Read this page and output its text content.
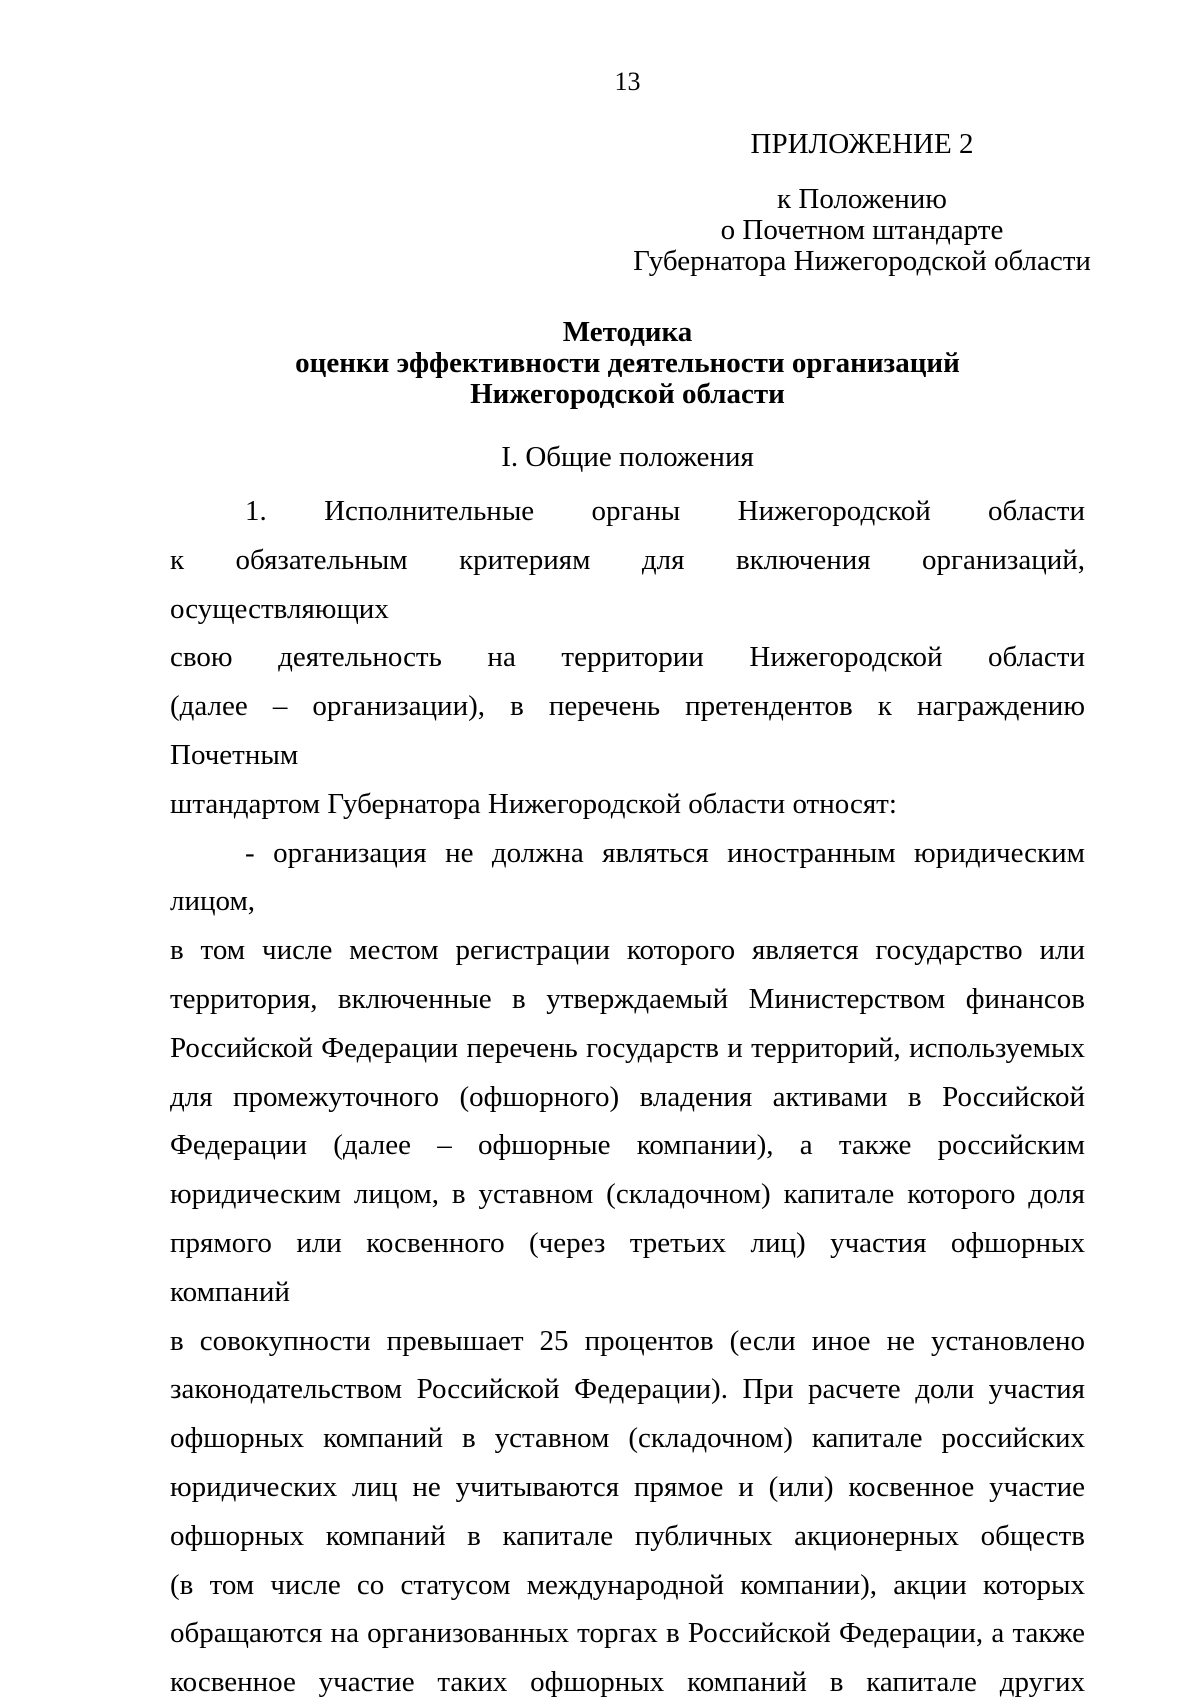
13
ПРИЛОЖЕНИЕ 2
к Положению
о Почетном штандарте
Губернатора Нижегородской области
Методика
оценки эффективности деятельности организаций
Нижегородской области
I. Общие положения
1. Исполнительные органы Нижегородской области
к обязательным критериям для включения организаций, осуществляющих
свою деятельность на территории Нижегородской области
(далее – организации), в перечень претендентов к награждению Почетным
штандартом Губернатора Нижегородской области относят:
- организация не должна являться иностранным юридическим лицом,
в том числе местом регистрации которого является государство или
территория, включенные в утверждаемый Министерством финансов
Российской Федерации перечень государств и территорий, используемых
для промежуточного (офшорного) владения активами в Российской
Федерации (далее – офшорные компании), а также российским
юридическим лицом, в уставном (складочном) капитале которого доля
прямого или косвенного (через третьих лиц) участия офшорных компаний
в совокупности превышает 25 процентов (если иное не установлено
законодательством Российской Федерации). При расчете доли участия
офшорных компаний в уставном (складочном) капитале российских
юридических лиц не учитываются прямое и (или) косвенное участие
офшорных компаний в капитале публичных акционерных обществ
(в том числе со статусом международной компании), акции которых
обращаются на организованных торгах в Российской Федерации, а также
косвенное участие таких офшорных компаний в капитале других
